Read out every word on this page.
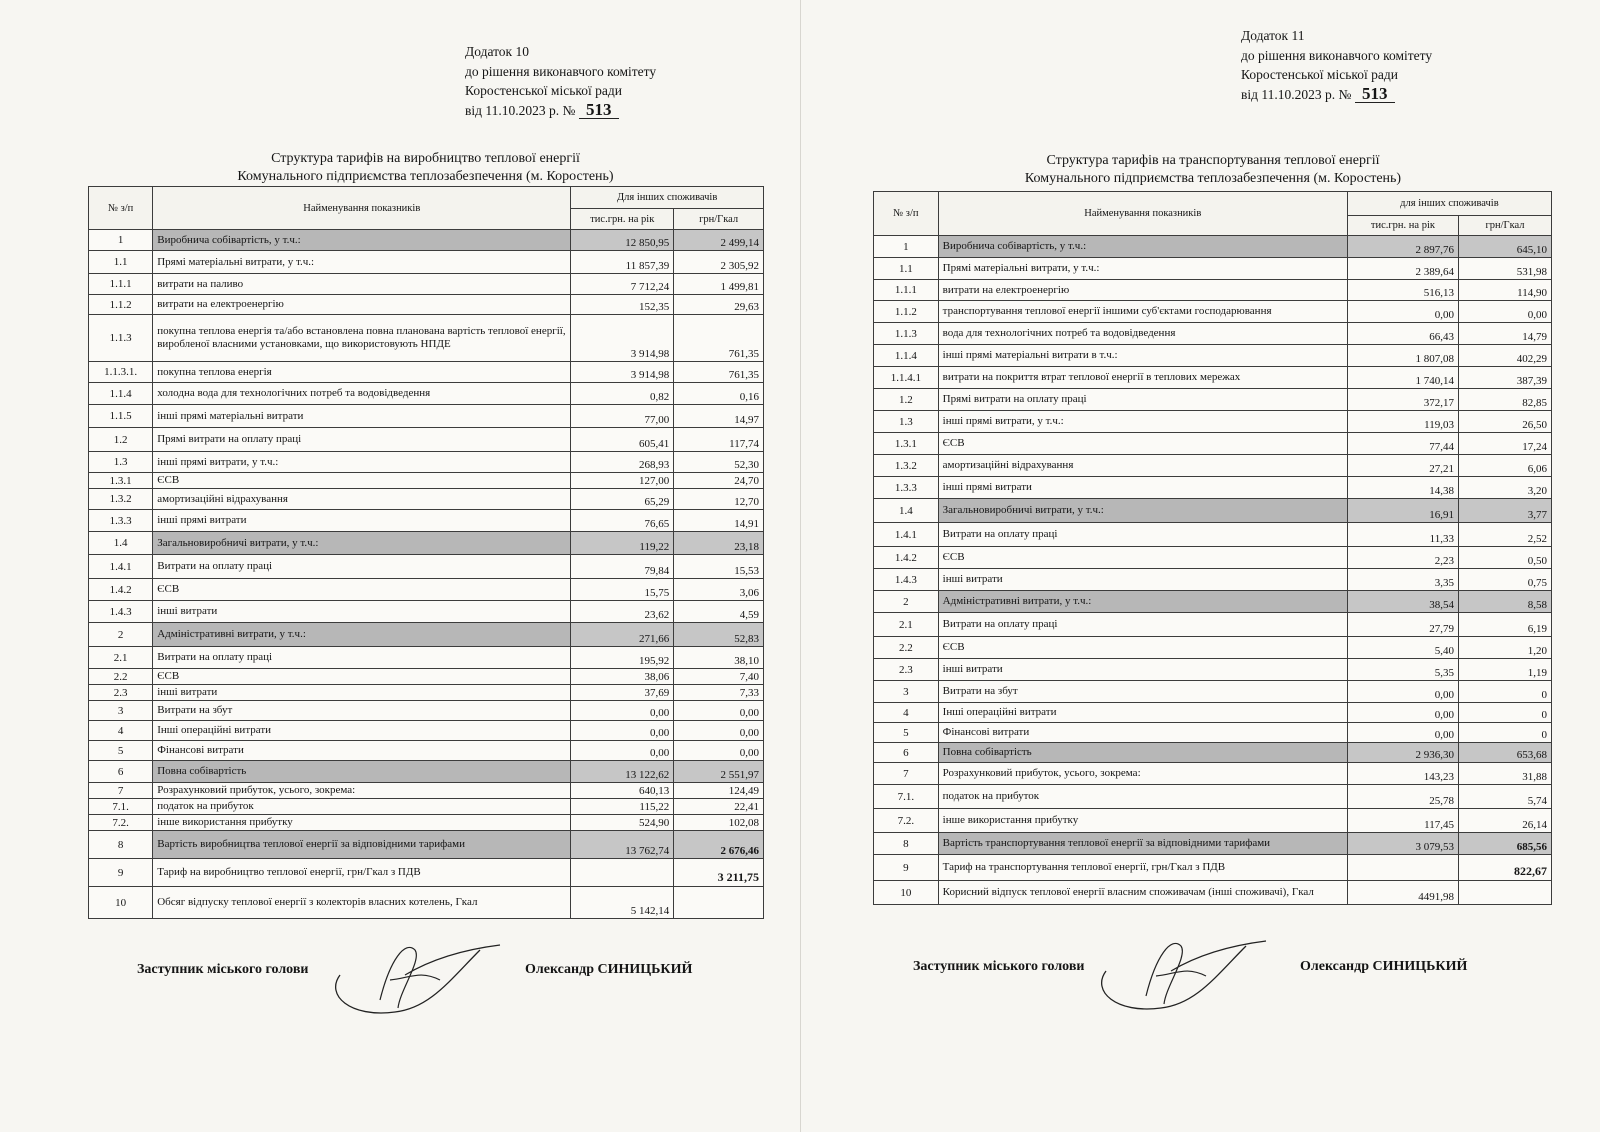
Додаток 10
до рішення виконавчого комітету
Коростенської міської ради
від 11.10.2023 р. № 513
Структура тарифів на виробництво теплової енергії
Комунального підприємства теплозабезпечення (м. Коростень)
№ з/п	Найменування показників	Для інших споживачів	
		тис.грн. на рік	грн/Гкал
1	Виробнича собівартість, у т.ч.:	12 850,95	2 499,14
1.1	Прямі матеріальні витрати, у т.ч.:	11 857,39	2 305,92
1.1.1	витрати на паливо	7 712,24	1 499,81
1.1.2	витрати на електроенергію	152,35	29,63
1.1.3	покупна теплова енергія та/або встановлена повна планована вартість теплової енергії, виробленої власними установками, що використовують НПДЕ	3 914,98	761,35
1.1.3.1.	покупна теплова енергія	3 914,98	761,35
1.1.4	холодна вода для технологічних потреб та водовідведення	0,82	0,16
1.1.5	інші прямі матеріальні витрати	77,00	14,97
1.2	Прямі витрати на оплату праці	605,41	117,74
1.3	інші прямі витрати, у т.ч.:	268,93	52,30
1.3.1	ЄСВ	127,00	24,70
1.3.2	амортизаційні відрахування	65,29	12,70
1.3.3	інші прямі витрати	76,65	14,91
1.4	Загальновиробничі витрати, у т.ч.:	119,22	23,18
1.4.1	Витрати на оплату праці	79,84	15,53
1.4.2	ЄСВ	15,75	3,06
1.4.3	інші витрати	23,62	4,59
2	Адміністративні витрати, у т.ч.:	271,66	52,83
2.1	Витрати на оплату праці	195,92	38,10
2.2	ЄСВ	38,06	7,40
2.3	інші витрати	37,69	7,33
3	Витрати на збут	0,00	0,00
4	Інші операційні витрати	0,00	0,00
5	Фінансові витрати	0,00	0,00
6	Повна собівартість	13 122,62	2 551,97
7	Розрахунковий прибуток, усього, зокрема:	640,13	124,49
7.1.	податок на прибуток	115,22	22,41
7.2.	інше використання прибутку	524,90	102,08
8	Вартість виробництва теплової енергії за відповідними тарифами	13 762,74	2 676,46
9	Тариф на виробництво теплової енергії, грн/Гкал з ПДВ		3 211,75
10	Обсяг відпуску теплової енергії з колекторів власних котелень, Гкал	5 142,14	
Заступник міського голови	Олександр СИНИЦЬКИЙ
Додаток 11
до рішення виконавчого комітету
Коростенської міської ради
від 11.10.2023 р. № 513
Структура тарифів на транспортування теплової енергії
Комунального підприємства теплозабезпечення (м. Коростень)
№ з/п	Найменування показників	для інших споживачів	
		тис.грн. на рік	грн/Гкал
1	Виробнича собівартість, у т.ч.:	2 897,76	645,10
1.1	Прямі матеріальні витрати, у т.ч.:	2 389,64	531,98
1.1.1	витрати на електроенергію	516,13	114,90
1.1.2	транспортування теплової енергії іншими суб'єктами господарювання	0,00	0,00
1.1.3	вода для технологічних потреб та водовідведення	66,43	14,79
1.1.4	інші прямі матеріальні витрати в т.ч.:	1 807,08	402,29
1.1.4.1	витрати на покриття втрат теплової енергії в теплових мережах	1 740,14	387,39
1.2	Прямі витрати на оплату праці	372,17	82,85
1.3	інші прямі витрати, у т.ч.:	119,03	26,50
1.3.1	ЄСВ	77,44	17,24
1.3.2	амортизаційні відрахування	27,21	6,06
1.3.3	інші прямі витрати	14,38	3,20
1.4	Загальновиробничі витрати, у т.ч.:	16,91	3,77
1.4.1	Витрати на оплату праці	11,33	2,52
1.4.2	ЄСВ	2,23	0,50
1.4.3	інші витрати	3,35	0,75
2	Адміністративні витрати, у т.ч.:	38,54	8,58
2.1	Витрати на оплату праці	27,79	6,19
2.2	ЄСВ	5,40	1,20
2.3	інші витрати	5,35	1,19
3	Витрати на збут	0,00	0
4	Інші операційні витрати	0,00	0
5	Фінансові витрати	0,00	0
6	Повна собівартість	2 936,30	653,68
7	Розрахунковий прибуток, усього, зокрема:	143,23	31,88
7.1.	податок на прибуток	25,78	5,74
7.2.	інше використання прибутку	117,45	26,14
8	Вартість транспортування теплової енергії за відповідними тарифами	3 079,53	685,56
9	Тариф на транспортування теплової енергії, грн/Гкал з ПДВ		822,67
10	Корисний відпуск теплової енергії власним споживачам (інші споживачі), Гкал	4491,98	
Заступник міського голови	Олександр СИНИЦЬКИЙ
